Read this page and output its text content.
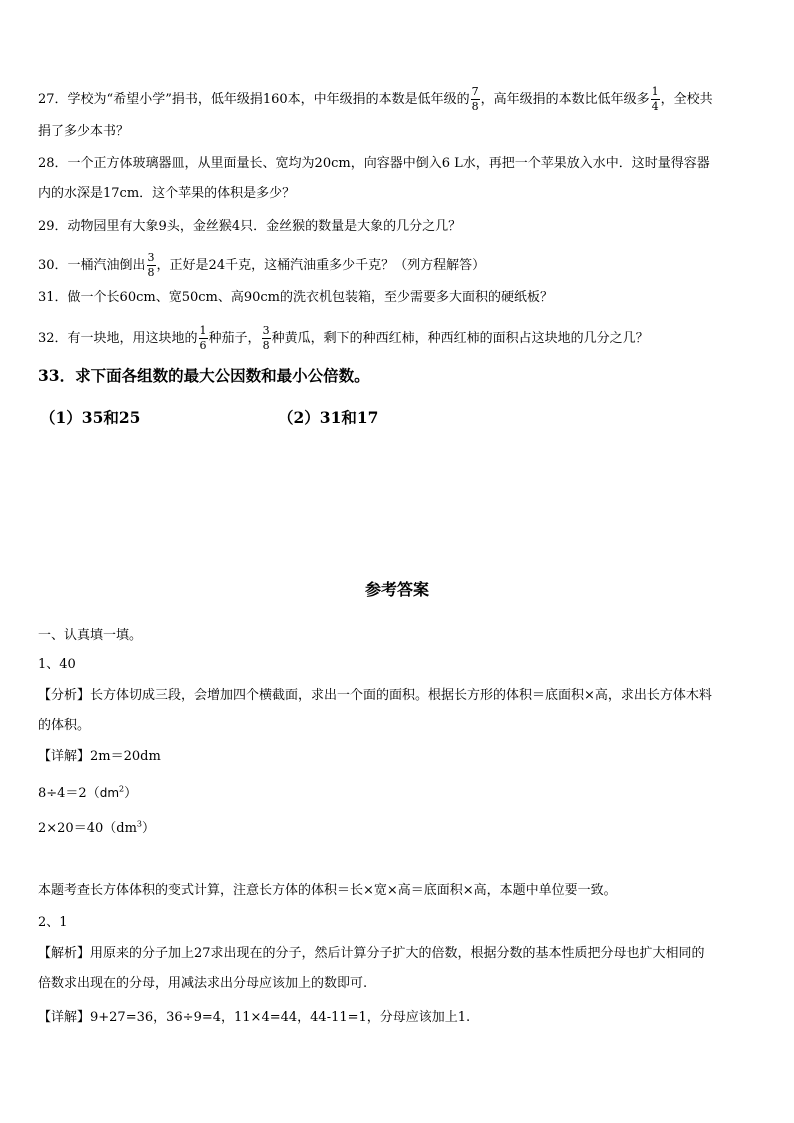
27．学校为“希望小学”捐书，低年级捐160本，中年级捐的本数是低年级的 $\frac{7}{8}$ ，高年级捐的本数比低年级多 $\frac{1}{4}$ ，全校共
捐了多少本书？
28．一个正方体玻璃器皿，从里面量长、宽均为20cm，向容器中倒入6 L水，再把一个苹果放入水中．这时量得容器
内的水深是17cm．这个苹果的体积是多少？
29．动物园里有大象9头，金丝猴4只．金丝猴的数量是大象的几分之几？
30．一桶汽油倒出 $\frac{3}{8}$ ，正好是24千克，这桶汽油重多少千克？（列方程解答）
31．做一个长60cm、宽50cm、高90cm的洗衣机包装箱，至少需要多大面积的硬纸板？
32．有一块地，用这块地的 $\frac{1}{6}$ 种茄子， $\frac{3}{8}$ 种黄瓜，剩下的种西红柿，种西红柿的面积占这块地的几分之几？
33．求下面各组数的最大公因数和最小公倍数。
（1）35和25	（2）31和17
参考答案
一、认真填一填。
1、40
【分析】长方体切成三段，会增加四个横截面，求出一个面的面积。根据长方形的体积＝底面积×高，求出长方体木料
的体积。
【详解】2m＝20dm
$8\div 4=2(dm^2)$
$2\times 20=40(dm^3)$
本题考查长方体体积的变式计算，注意长方体的体积＝长×宽×高＝底面积×高，本题中单位要一致。
2、1
【解析】用原来的分子加上27求出现在的分子，然后计算分子扩大的倍数，根据分数的基本性质把分母也扩大相同的
倍数求出现在的分母，用减法求出分母应该加上的数即可.
【详解】9+27=36，36÷9=4，11×4=44，44-11=1，分母应该加上1.
